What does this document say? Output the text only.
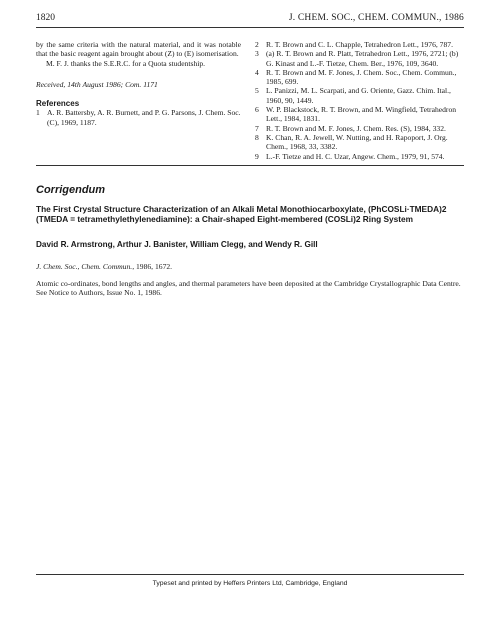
1820	J. CHEM. SOC., CHEM. COMMUN., 1986

by the same criteria with the natural material, and it was notable that the basic reagent again brought about (Z) to (E) isomerisation.

M. F. J. thanks the S.E.R.C. for a Quota studentship.

Received, 14th August 1986; Com. 1171

References
1 A. R. Battersby, A. R. Burnett, and P. G. Parsons, J. Chem. Soc. (C), 1969, 1187.
2 R. T. Brown and C. L. Chapple, Tetrahedron Lett., 1976, 787.
3 (a) R. T. Brown and R. Platt, Tetrahedron Lett., 1976, 2721; (b) G. Kinast and L.-F. Tietze, Chem. Ber., 1976, 109, 3640.
4 R. T. Brown and M. F. Jones, J. Chem. Soc., Chem. Commun., 1985, 699.
5 L. Panizzi, M. L. Scarpati, and G. Oriente, Gazz. Chim. Ital., 1960, 90, 1449.
6 W. P. Blackstock, R. T. Brown, and M. Wingfield, Tetrahedron Lett., 1984, 1831.
7 R. T. Brown and M. F. Jones, J. Chem. Res. (S), 1984, 332.
8 K. Chan, R. A. Jewell, W. Nutting, and H. Rapoport, J. Org. Chem., 1968, 33, 3382.
9 L.-F. Tietze and H. C. Uzar, Angew. Chem., 1979, 91, 574.
Corrigendum
The First Crystal Structure Characterization of an Alkali Metal Monothiocarboxylate, (PhCOSLi·TMEDA)2 (TMEDA = tetramethylethylenediamine): a Chair-shaped Eight-membered (COSLi)2 Ring System
David R. Armstrong, Arthur J. Banister, William Clegg, and Wendy R. Gill
J. Chem. Soc., Chem. Commun., 1986, 1672.
Atomic co-ordinates, bond lengths and angles, and thermal parameters have been deposited at the Cambridge Crystallographic Data Centre. See Notice to Authors, Issue No. 1, 1986.
Typeset and printed by Heffers Printers Ltd, Cambridge, England
